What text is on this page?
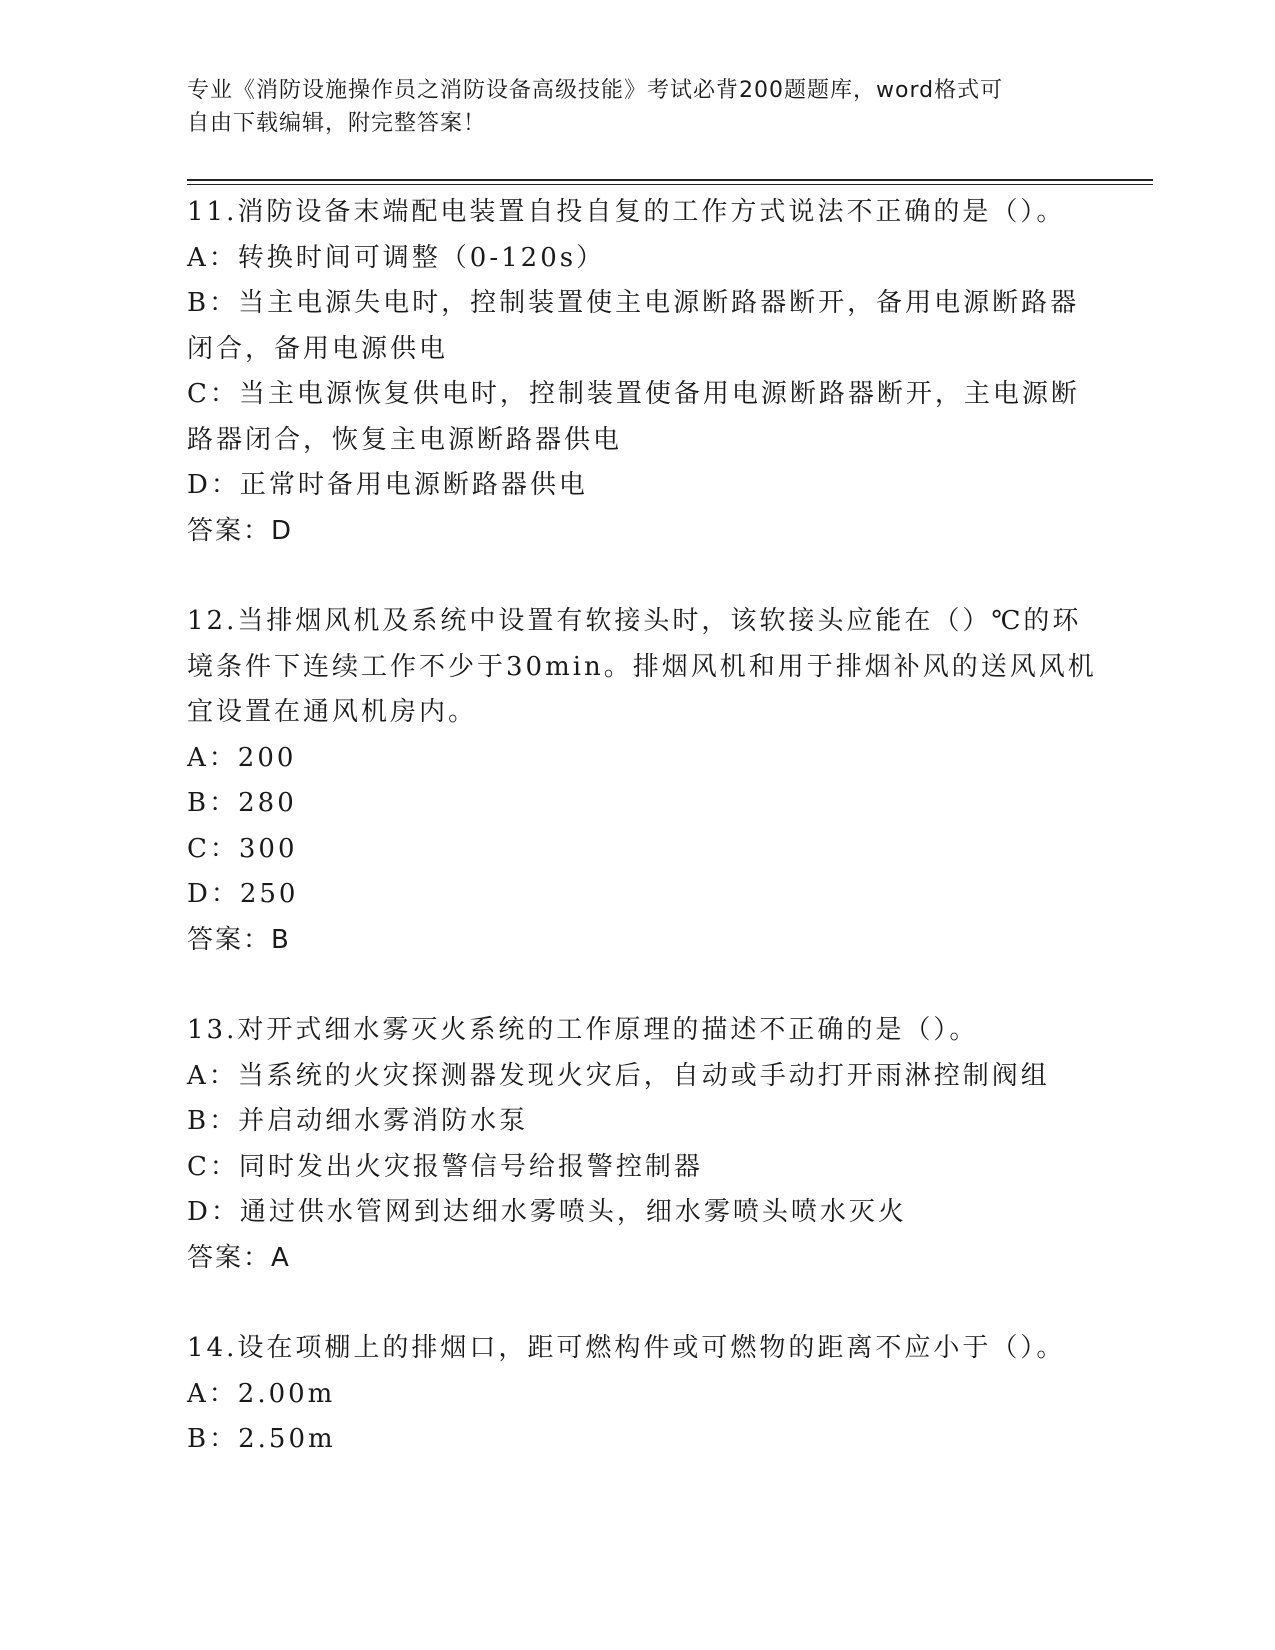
专业《消防设施操作员之消防设备高级技能》考试必背200题题库，word格式可
自由下载编辑，附完整答案！
11.消防设备末端配电装置自投自复的工作方式说法不正确的是（）。
A：转换时间可调整（0-120s）
B：当主电源失电时，控制装置使主电源断路器断开，备用电源断路器
闭合，备用电源供电
C：当主电源恢复供电时，控制装置使备用电源断路器断开，主电源断
路器闭合，恢复主电源断路器供电
D：正常时备用电源断路器供电
答案：D
12.当排烟风机及系统中设置有软接头时，该软接头应能在（）℃的环
境条件下连续工作不少于30min。排烟风机和用于排烟补风的送风风机
宜设置在通风机房内。
A：200
B：280
C：300
D：250
答案：B
13.对开式细水雾灭火系统的工作原理的描述不正确的是（）。
A：当系统的火灾探测器发现火灾后，自动或手动打开雨淋控制阀组
B：并启动细水雾消防水泵
C：同时发出火灾报警信号给报警控制器
D：通过供水管网到达细水雾喷头，细水雾喷头喷水灭火
答案：A
14.设在项棚上的排烟口，距可燃构件或可燃物的距离不应小于（）。
A：2.00m
B：2.50m
